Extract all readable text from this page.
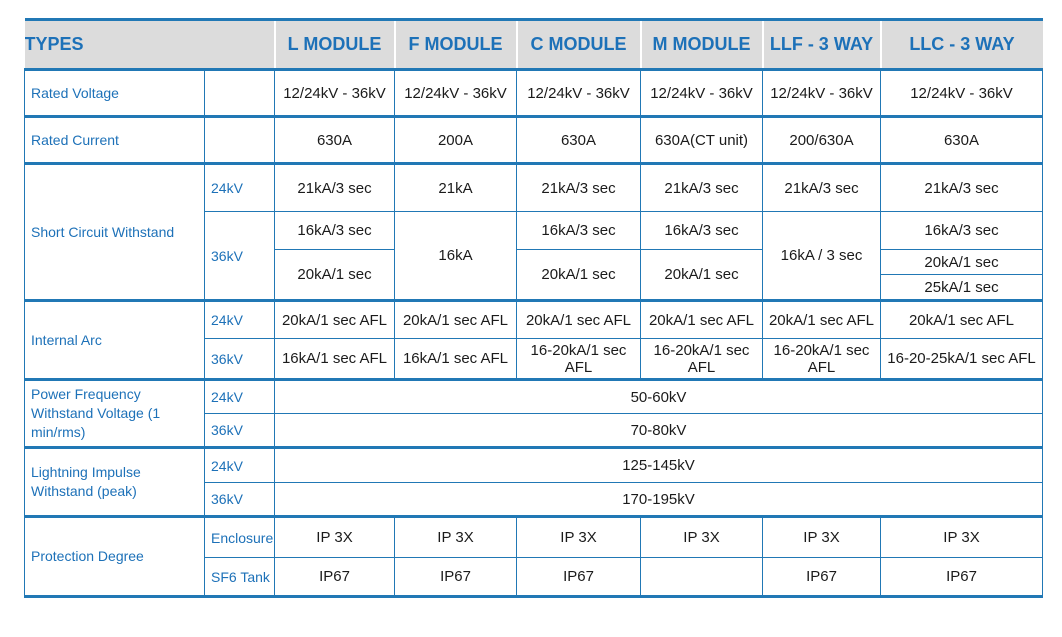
TYPES		L MODULE	F MODULE	C MODULE	M MODULE	LLF - 3 WAY	LLC - 3 WAY
Rated Voltage		12/24kV - 36kV	12/24kV - 36kV	12/24kV - 36kV	12/24kV - 36kV	12/24kV - 36kV	12/24kV - 36kV
Rated Current		630A	200A	630A	630A(CT unit)	200/630A	630A
Short Circuit Withstand	24kV	21kA/3 sec	21kA	21kA/3 sec	21kA/3 sec	21kA/3 sec	21kA/3 sec
	36kV	16kA/3 sec	16kA	16kA/3 sec	16kA/3 sec	16kA / 3 sec	16kA/3 sec
		20kA/1 sec		20kA/1 sec	20kA/1 sec		20kA/1 sec
							25kA/1 sec
Internal Arc	24kV	20kA/1 sec AFL	20kA/1 sec AFL	20kA/1 sec AFL	20kA/1 sec AFL	20kA/1 sec AFL	20kA/1 sec AFL
	36kV	16kA/1 sec AFL	16kA/1 sec AFL	16-20kA/1 sec AFL	16-20kA/1 sec AFL	16-20kA/1 sec AFL	16-20-25kA/1 sec AFL
Power Frequency Withstand Voltage (1 min/rms)	24kV	50-60kV					
	36kV	70-80kV					
Lightning Impulse Withstand (peak)	24kV	125-145kV					
	36kV	170-195kV					
Protection Degree	Enclosure	IP 3X	IP 3X	IP 3X	IP 3X	IP 3X	IP 3X
	SF6 Tank	IP67	IP67	IP67		IP67	IP67
